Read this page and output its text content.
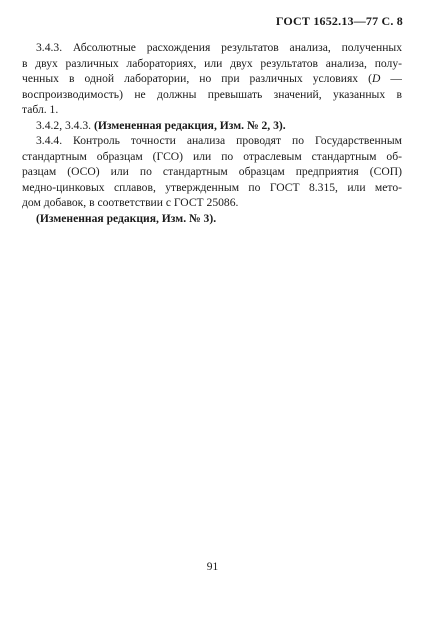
ГОСТ 1652.13—77 С. 8
3.4.3. Абсолютные расхождения результатов анализа, полученных
в двух различных лабораториях, или двух результатов анализа, полу-
ченных в одной лаборатории, но при различных условиях (D —
воспроизводимость) не должны превышать значений, указанных в
табл. 1.
3.4.2, 3.4.3. (Измененная редакция, Изм. № 2, 3).
3.4.4. Контроль точности анализа проводят по Государственным
стандартным образцам (ГСО) или по отраслевым стандартным об-
разцам (ОСО) или по стандартным образцам предприятия (СОП)
медно-цинковых сплавов, утвержденным по ГОСТ 8.315, или мето-
дом добавок, в соответствии с ГОСТ 25086.
(Измененная редакция, Изм. № 3).
91
